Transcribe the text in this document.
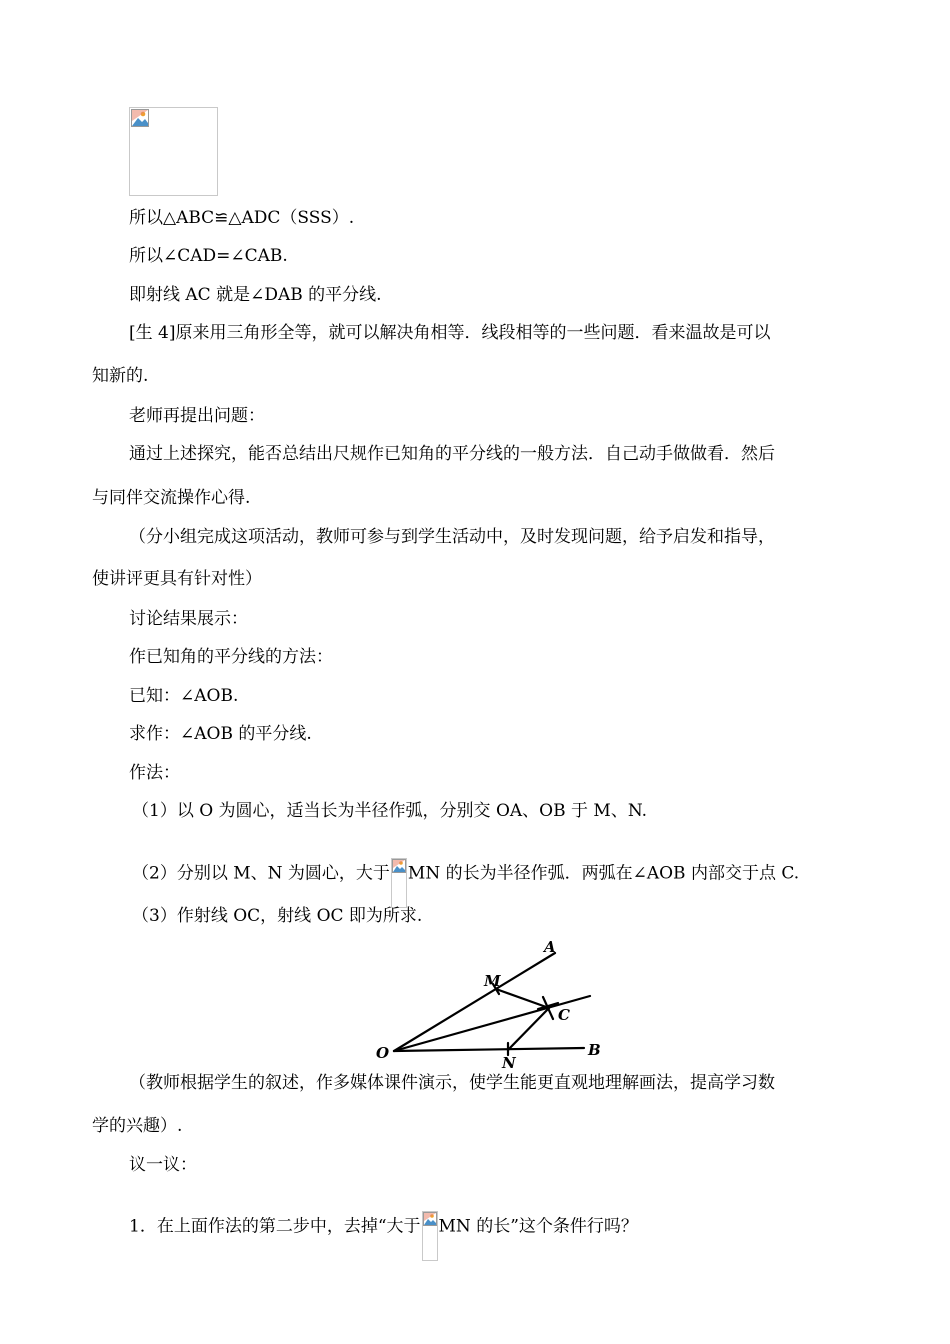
所以△ABC≌△ADC（SSS）.
所以∠CAD=∠CAB.
即射线 AC 就是∠DAB 的平分线.
[生 4]原来用三角形全等，就可以解决角相等．线段相等的一些问题．看来温故是可以
知新的.
老师再提出问题：
通过上述探究，能否总结出尺规作已知角的平分线的一般方法．自己动手做做看．然后
与同伴交流操作心得.
（分小组完成这项活动，教师可参与到学生活动中，及时发现问题，给予启发和指导，
使讲评更具有针对性）
讨论结果展示：
作已知角的平分线的方法：
已知：∠AOB.
求作：∠AOB 的平分线.
作法：
（1）以 O 为圆心，适当长为半径作弧，分别交 OA、OB 于 M、N.
（2）分别以 M、N 为圆心，大于 MN 的长为半径作弧．两弧在∠AOB 内部交于点 C.
（3）作射线 OC，射线 OC 即为所求.
A
M
C
O
N
B
（教师根据学生的叙述，作多媒体课件演示，使学生能更直观地理解画法，提高学习数
学的兴趣）.
议一议：
1．在上面作法的第二步中，去掉“大于 MN 的长”这个条件行吗？
